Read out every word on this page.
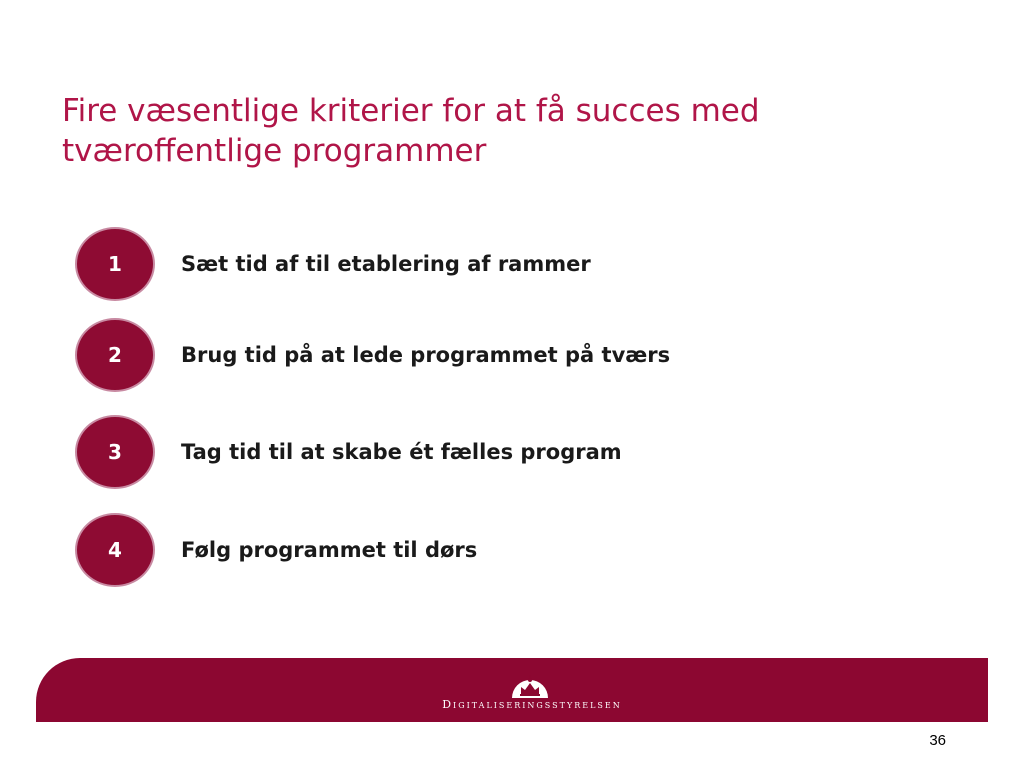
Fire væsentlige kriterier for at få succes med
tværoffentlige programmer
1	Sæt tid af til etablering af rammer
2	Brug tid på at lede programmet på tværs
3	Tag tid til at skabe ét fælles program
4	Følg programmet til dørs
Digitaliseringsstyrelsen
36
